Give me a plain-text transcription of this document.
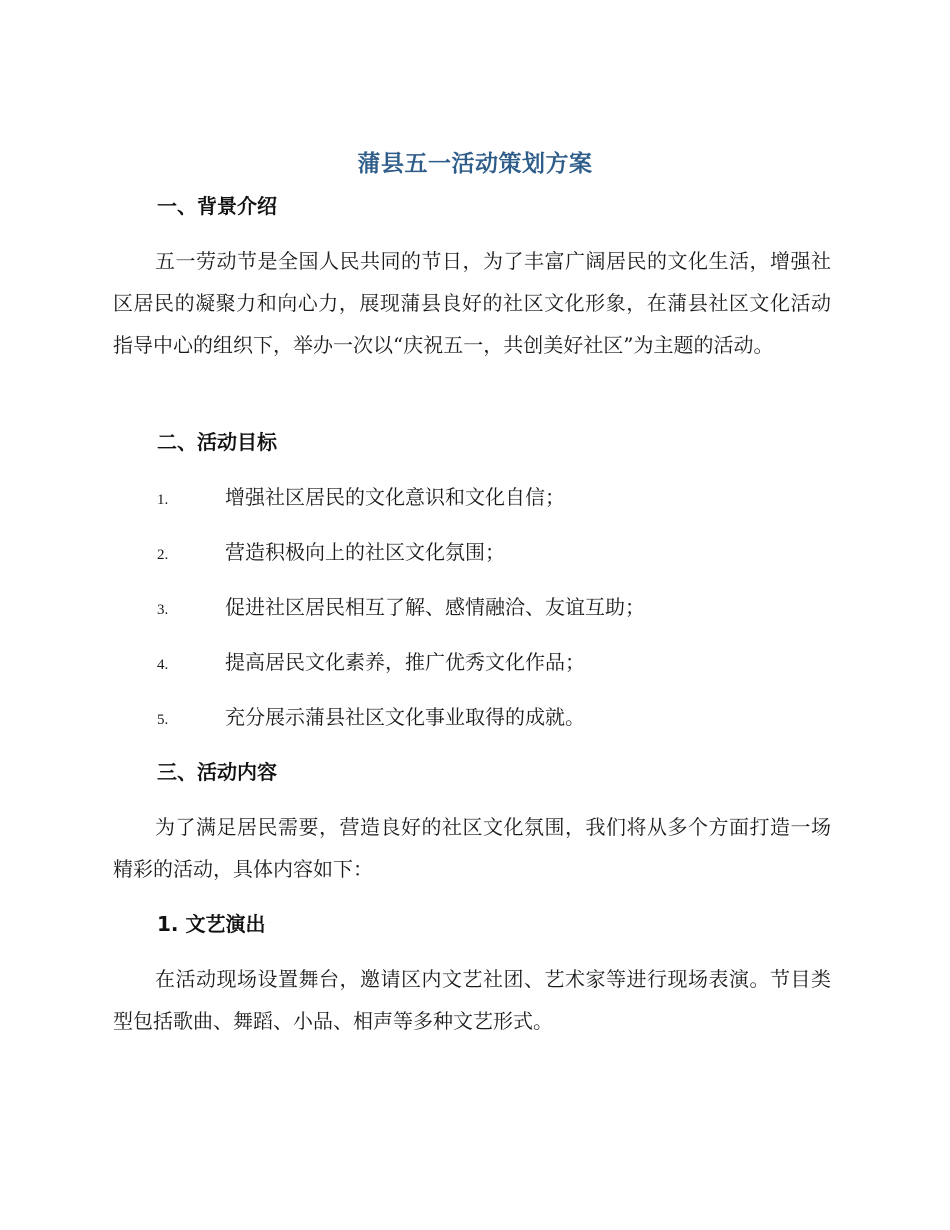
蒲县五一活动策划方案
一、背景介绍

五一劳动节是全国人民共同的节日，为了丰富广阔居民的文化生活，增强社区居民的凝聚力和向心力，展现蒲县良好的社区文化形象，在蒲县社区文化活动指导中心的组织下，举办一次以“庆祝五一，共创美好社区”为主题的活动。

二、活动目标
1.	增强社区居民的文化意识和文化自信；
2.	营造积极向上的社区文化氛围；
3.	促进社区居民相互了解、感情融洽、友谊互助；
4.	提高居民文化素养，推广优秀文化作品；
5.	充分展示蒲县社区文化事业取得的成就。
三、活动内容

为了满足居民需要，营造良好的社区文化氛围，我们将从多个方面打造一场精彩的活动，具体内容如下：

1. 文艺演出

在活动现场设置舞台，邀请区内文艺社团、艺术家等进行现场表演。节目类型包括歌曲、舞蹈、小品、相声等多种文艺形式。
